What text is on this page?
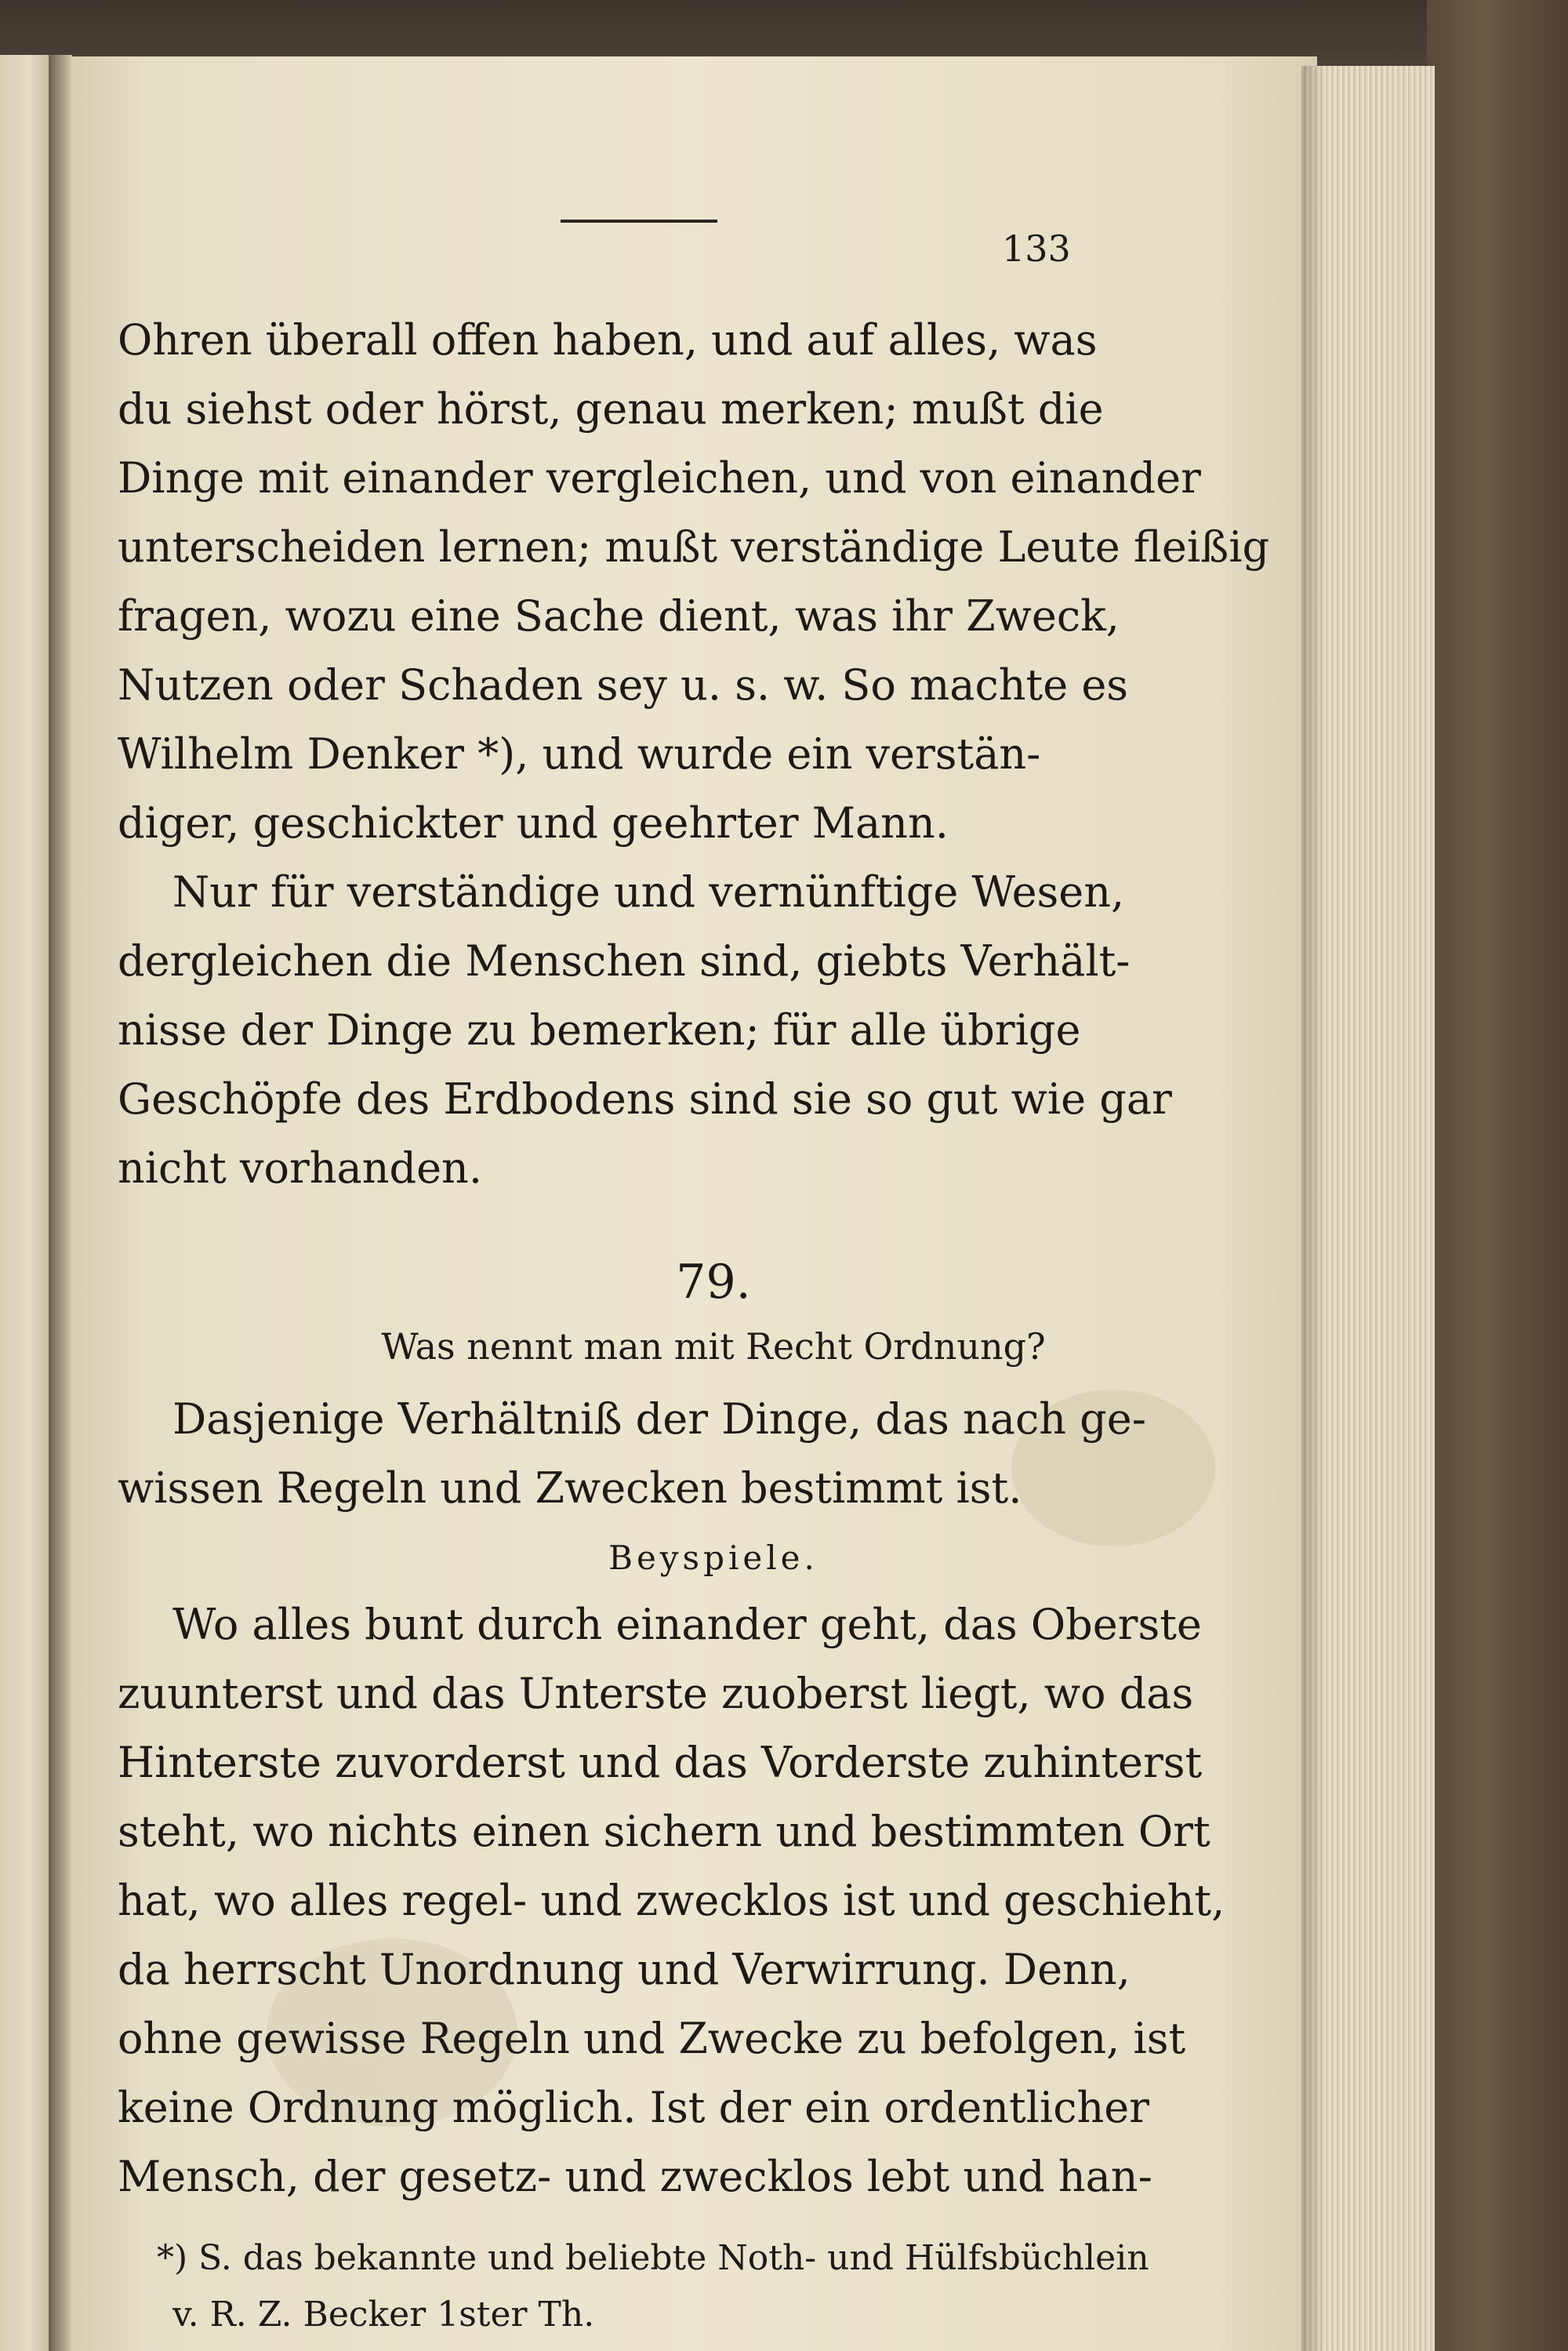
133
Ohren überall offen haben, und auf alles, was
du siehst oder hörst, genau merken; mußt die
Dinge mit einander vergleichen, und von einander
unterscheiden lernen; mußt verständige Leute fleißig
fragen, wozu eine Sache dient, was ihr Zweck,
Nutzen oder Schaden sey u. s. w. So machte es
Wilhelm Denker *), und wurde ein verstän-
diger, geschickter und geehrter Mann.
Nur für verständige und vernünftige Wesen,
dergleichen die Menschen sind, giebts Verhält-
nisse der Dinge zu bemerken; für alle übrige
Geschöpfe des Erdbodens sind sie so gut wie gar
nicht vorhanden.
79.
Was nennt man mit Recht Ordnung?
Dasjenige Verhältniß der Dinge, das nach ge-
wissen Regeln und Zwecken bestimmt ist.
Beyspiele.
Wo alles bunt durch einander geht, das Oberste
zuunterst und das Unterste zuoberst liegt, wo das
Hinterste zuvorderst und das Vorderste zuhinterst
steht, wo nichts einen sichern und bestimmten Ort
hat, wo alles regel- und zwecklos ist und geschieht,
da herrscht Unordnung und Verwirrung. Denn,
ohne gewisse Regeln und Zwecke zu befolgen, ist
keine Ordnung möglich. Ist der ein ordentlicher
Mensch, der gesetz- und zwecklos lebt und han-
*) S. das bekannte und beliebte Noth- und Hülfsbüchlein
v. R. Z. Becker 1ster Th.
